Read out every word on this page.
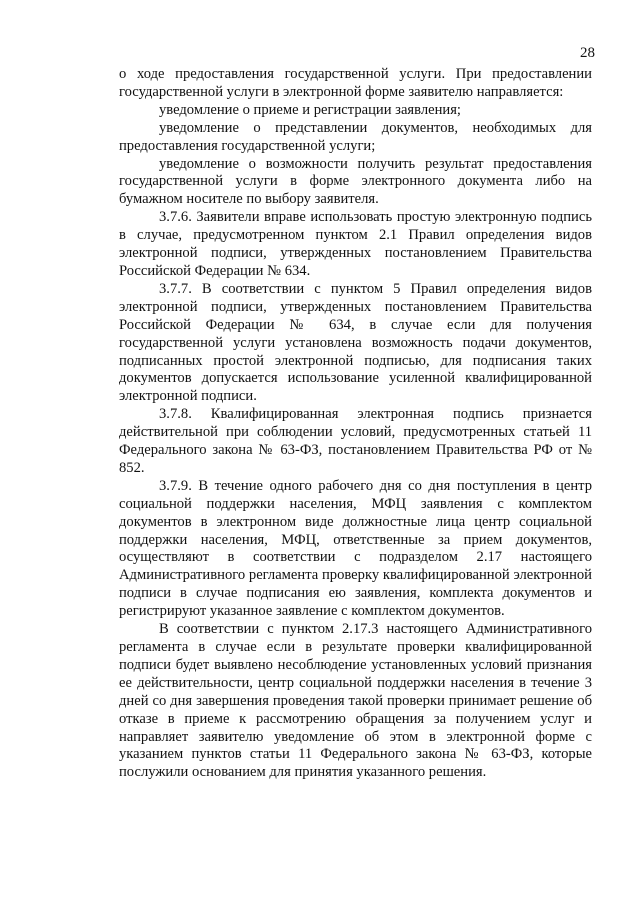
28

о ходе предоставления государственной услуги. При предоставлении государственной услуги в электронной форме заявителю направляется:

уведомление о приеме и регистрации заявления;

уведомление о представлении документов, необходимых для предоставления государственной услуги;

уведомление о возможности получить результат предоставления государственной услуги в форме электронного документа либо на бумажном носителе по выбору заявителя.

3.7.6. Заявители вправе использовать простую электронную подпись в случае, предусмотренном пунктом 2.1 Правил определения видов электронной подписи, утвержденных постановлением Правительства Российской Федерации № 634.

3.7.7. В соответствии с пунктом 5 Правил определения видов электронной подписи, утвержденных постановлением Правительства Российской Федерации № 634, в случае если для получения государственной услуги установлена возможность подачи документов, подписанных простой электронной подписью, для подписания таких документов допускается использование усиленной квалифицированной электронной подписи.

3.7.8. Квалифицированная электронная подпись признается действительной при соблюдении условий, предусмотренных статьей 11 Федерального закона № 63-ФЗ, постановлением Правительства РФ от № 852.

3.7.9. В течение одного рабочего дня со дня поступления в центр социальной поддержки населения, МФЦ заявления с комплектом документов в электронном виде должностные лица центр социальной поддержки населения, МФЦ, ответственные за прием документов, осуществляют в соответствии с подразделом 2.17 настоящего Административного регламента проверку квалифицированной электронной подписи в случае подписания ею заявления, комплекта документов и регистрируют указанное заявление с комплектом документов.

В соответствии с пунктом 2.17.3 настоящего Административного регламента в случае если в результате проверки квалифицированной подписи будет выявлено несоблюдение установленных условий признания ее действительности, центр социальной поддержки населения в течение 3 дней со дня завершения проведения такой проверки принимает решение об отказе в приеме к рассмотрению обращения за получением услуг и направляет заявителю уведомление об этом в электронной форме с указанием пунктов статьи 11 Федерального закона № 63-ФЗ, которые послужили основанием для принятия указанного решения.
